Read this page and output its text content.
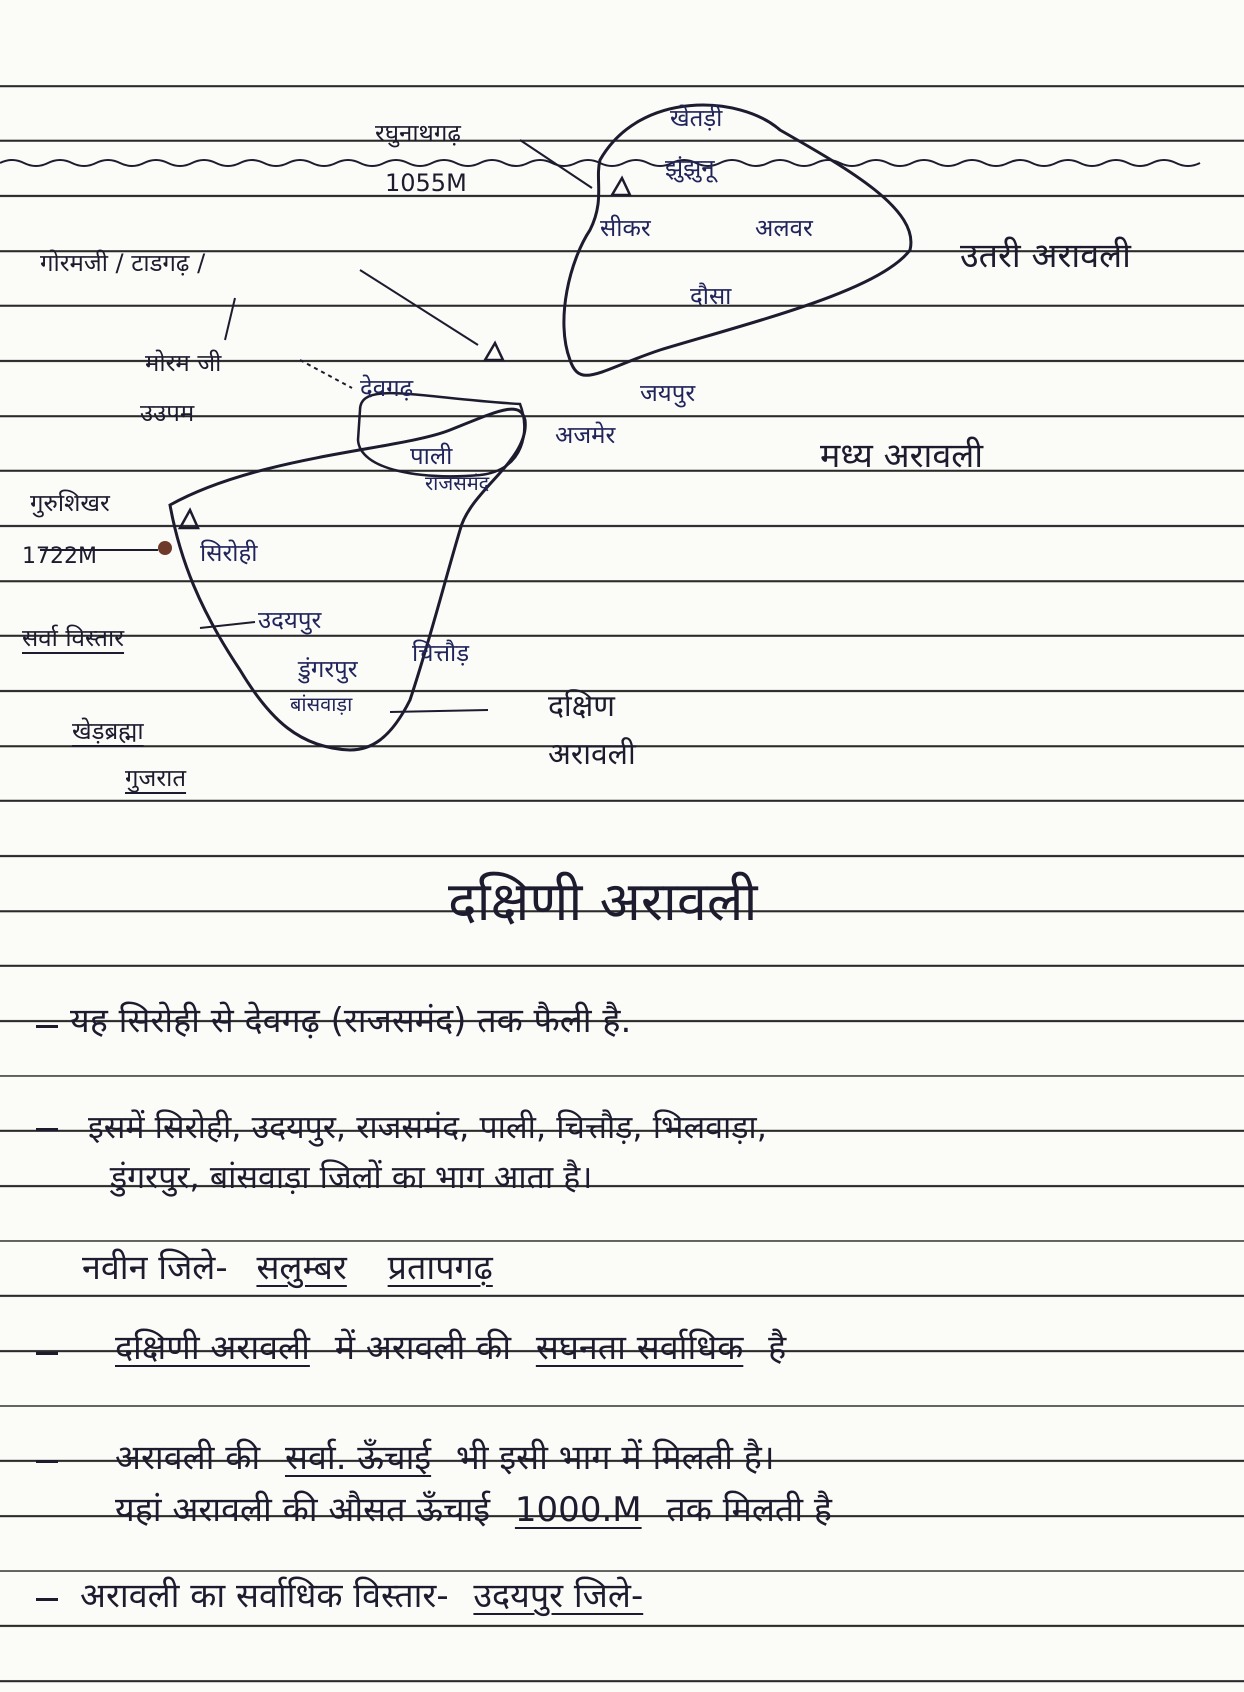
रघुनाथगढ़
1055M
खेतड़ी
झुंझुनू
सीकर	अलवर
दौसा
जयपुर
अजमेर
उतरी अरावली
मध्य अरावली
गोरमजी / टाडगढ़ /
मोरम जी
उउपम
देवगढ़
पाली
राजसमंद
गुरुशिखर
1722M	सिरोही
सर्वा विस्तार
उदयपुर
डुंगरपुर
चित्तौड़
बांसवाड़ा	दक्षिण
अरावली
खेड़ब्रह्मा
गुजरात
दक्षिणी अरावली
यह सिरोही से देवगढ़ (राजसमंद) तक फैली है.
इसमें सिरोही, उदयपुर, राजसमंद, पाली, चित्तौड़, भिलवाड़ा,
डुंगरपुर, बांसवाड़ा जिलों का भाग आता है।
नवीन जिले- सलुम्बर प्रतापगढ़
दक्षिणी अरावली में अरावली की सघनता सर्वाधिक है
अरावली की सर्वा. ऊँचाई भी इसी भाग में मिलती है।
यहां अरावली की औसत ऊँचाई 1000.M तक मिलती है
अरावली का सर्वाधिक विस्तार- उदयपुर जिले-
